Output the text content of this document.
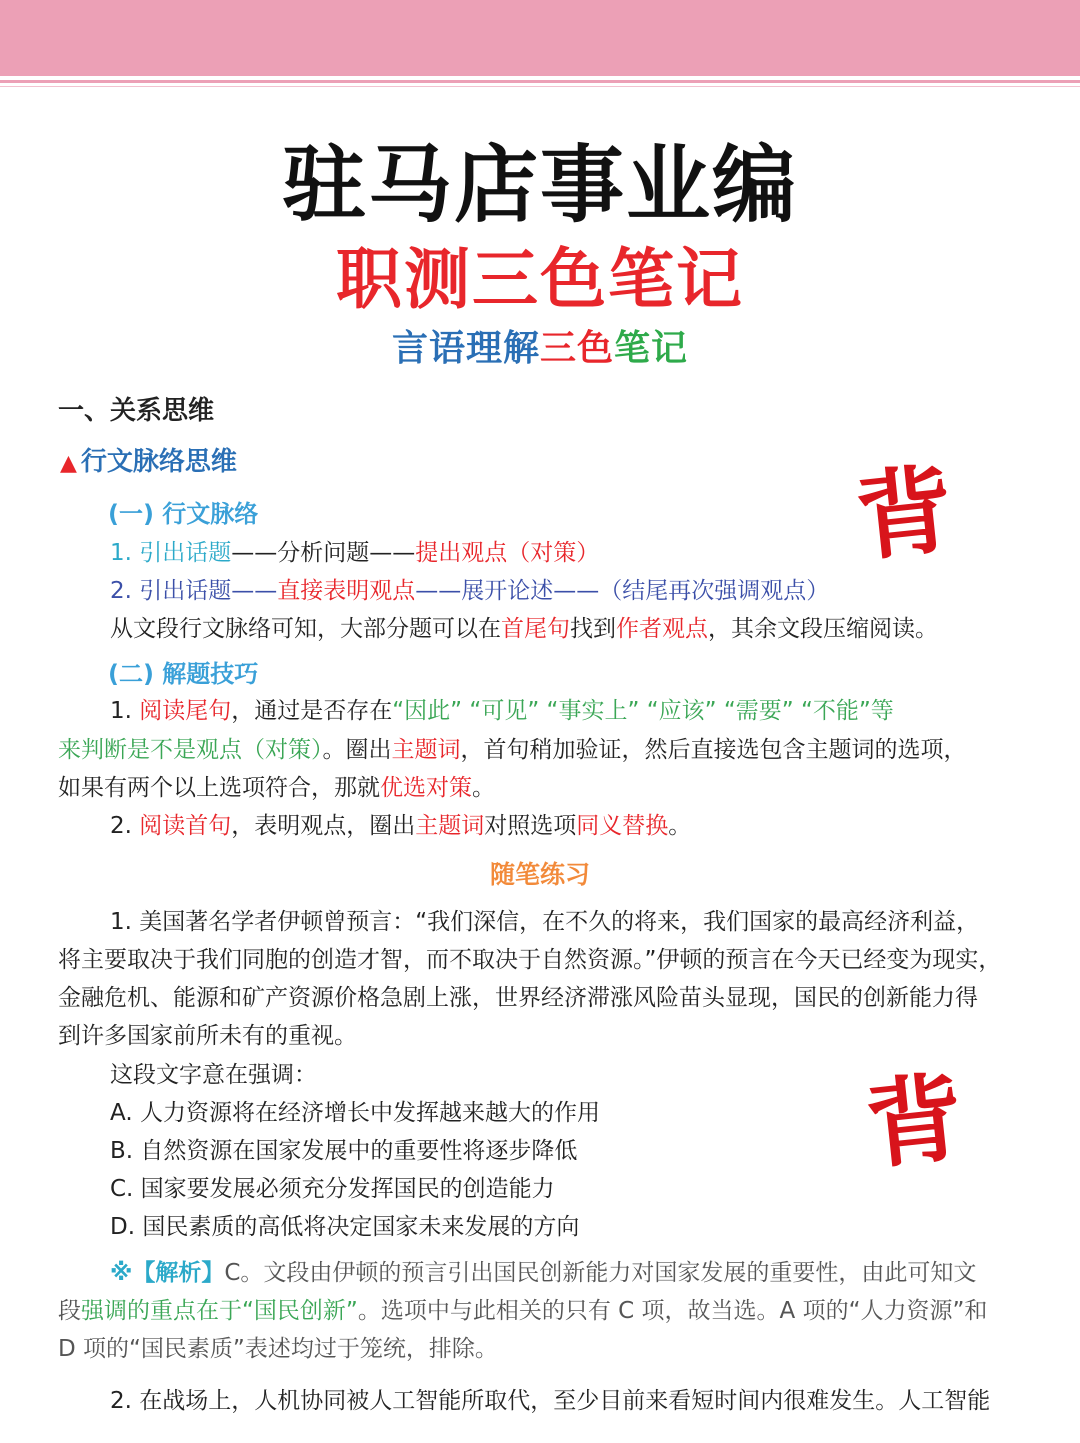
驻马店事业编
职测三色笔记
言语理解三色笔记
背
背
一、关系思维
▲ 行文脉络思维
(一) 行文脉络
1. 引出话题——分析问题——提出观点（对策）
2. 引出话题——直接表明观点——展开论述——（结尾再次强调观点）
从文段行文脉络可知，大部分题可以在首尾句找到作者观点，其余文段压缩阅读。
(二) 解题技巧
1. 阅读尾句，通过是否存在“因此” “可见” “事实上” “应该” “需要” “不能”等
来判断是不是观点（对策）。圈出主题词，首句稍加验证，然后直接选包含主题词的选项，
如果有两个以上选项符合，那就优选对策。
2. 阅读首句，表明观点，圈出主题词对照选项同义替换。
随笔练习
1. 美国著名学者伊顿曾预言：“我们深信，在不久的将来，我们国家的最高经济利益，
将主要取决于我们同胞的创造才智，而不取决于自然资源。”伊顿的预言在今天已经变为现实，
金融危机、能源和矿产资源价格急剧上涨，世界经济滞涨风险苗头显现，国民的创新能力得
到许多国家前所未有的重视。
这段文字意在强调：
A. 人力资源将在经济增长中发挥越来越大的作用
B. 自然资源在国家发展中的重要性将逐步降低
C. 国家要发展必须充分发挥国民的创造能力
D. 国民素质的高低将决定国家未来发展的方向
※【解析】C。文段由伊顿的预言引出国民创新能力对国家发展的重要性，由此可知文
段强调的重点在于“国民创新”。选项中与此相关的只有 C 项，故当选。A 项的“人力资源”和
D 项的“国民素质”表述均过于笼统，排除。
2. 在战场上，人机协同被人工智能所取代，至少目前来看短时间内很难发生。人工智能
